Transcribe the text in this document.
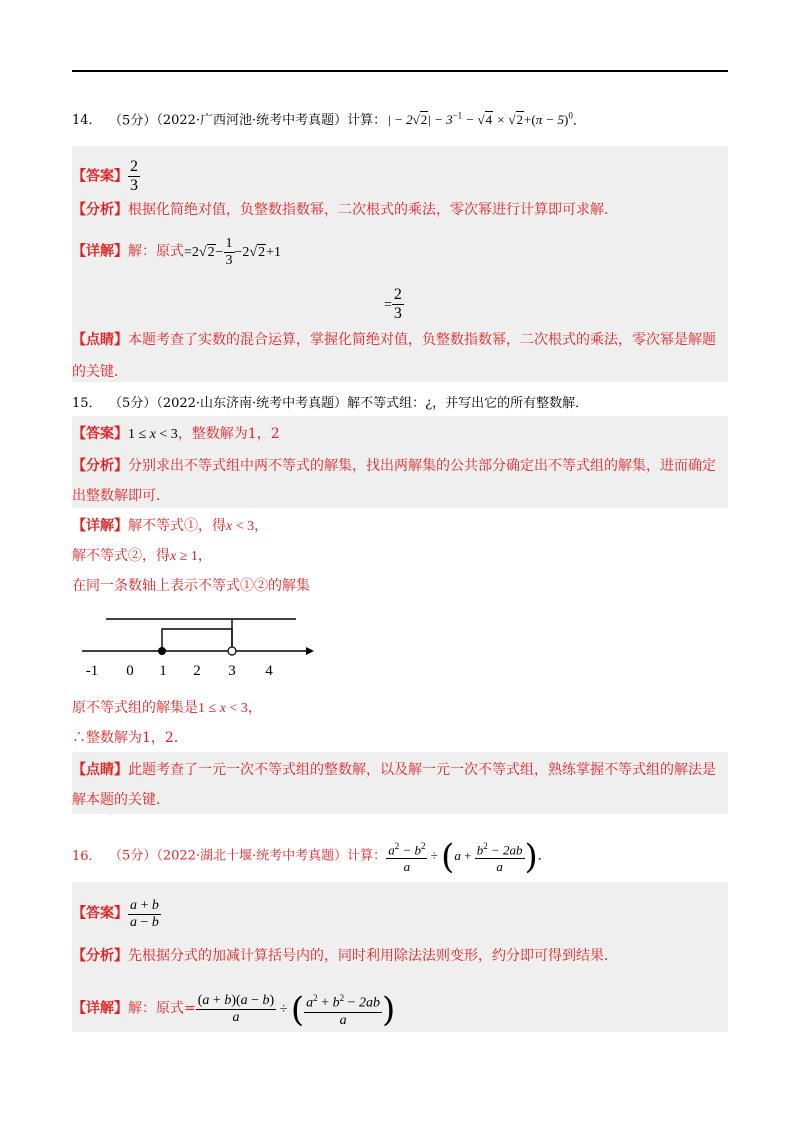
14． （5分）（2022·广西河池·统考中考真题）计算： | − $2√2| - 3^{-1} - √4 \times √2+(\pi - 5)^0$．
【答案】 $\frac{2}{3}$
【分析】根据化简绝对值，负整数指数幂，二次根式的乘法，零次幂进行计算即可求解．
【详解】解：原式$=2√2- \frac{1}{3} -2√2+1$
= $\frac{2}{3}$
【点睛】本题考查了实数的混合运算，掌握化简绝对值，负整数指数幂，二次根式的乘法，零次幂是解题
的关键．
15． （5分）（2022·山东济南·统考中考真题）解不等式组：¿，并写出它的所有整数解．
【答案】1 ≤ x < 3，整数解为1，2
【分析】分别求出不等式组中两不等式的解集，找出两解集的公共部分确定出不等式组的解集，进而确定
出整数解即可．
【详解】解不等式①，得x < 3，
解不等式②，得x ≥ 1，
在同一条数轴上表示不等式①②的解集
-1 0 1 2 3 4
原不等式组的解集是1 ≤ x < 3，
∴整数解为1，2．
【点睛】此题考查了一元一次不等式组的整数解，以及解一元一次不等式组，熟练掌握不等式组的解法是
解本题的关键．
16． （5分）（2022·湖北十堰·统考中考真题）计算： $\frac{a^2 - b^2}{a} \div (a + \frac{b^2 - 2ab}{a}$ )．
【答案】 $\frac{a + b}{a - b}$
【分析】先根据分式的加减计算括号内的，同时利用除法法则变形，约分即可得到结果．
【详解】解：原式= $\frac{(a + b)(a - b)}{a}$ ÷ ( $\frac{a^2 + b^2 - 2ab}{a}$ )
